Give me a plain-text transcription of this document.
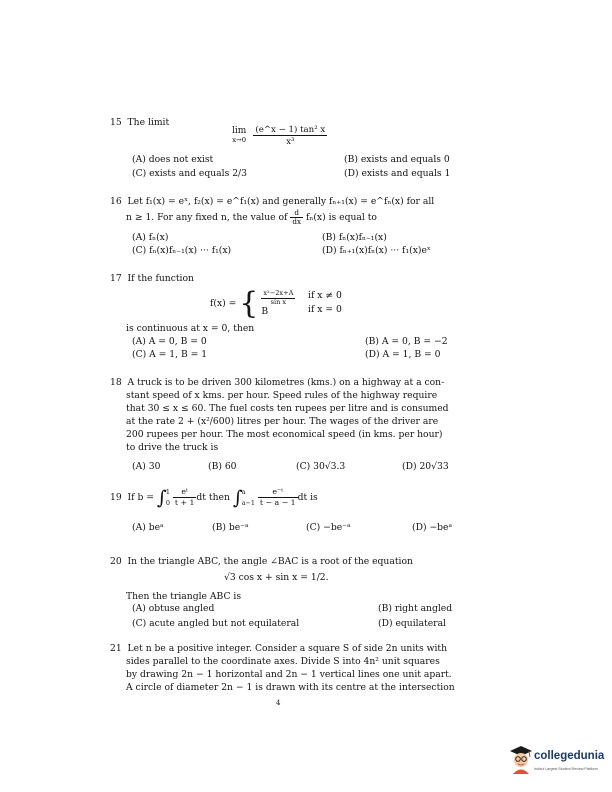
15 The limit
lim
$x\to 0 \frac{\text{(e\textasciicircum{}x − 1) tan² x}}{\text{x³}}$
(A) does not exist	(B) exists and equals 0
(C) exists and equals 2/3	(D) exists and equals 1
16 Let f₁(x) = eˣ, f₂(x) = e^f₁(x) and generally fₙ₊₁(x) = e^fₙ(x) for all
n ≥ 1. For any fixed n, the value of $\frac{d}{dx} f_n(x)$ is equal to
(A) fₙ(x)	(B) fₙ(x)fₙ₋₁(x)
(C) fₙ(x)fₙ₋₁(x) ··· f₁(x)	(D) fₙ₊₁(x)fₙ(x) ··· f₁(x)eˣ
17 If the function
f(x) = { $\frac{\text{x²−2x+A}}{\text{sin x}}$

B
if x ≠ 0
if x = 0
is continuous at x = 0, then
(A) A = 0, B = 0	(B) A = 0, B = −2
(C) A = 1, B = 1	(D) A = 1, B = 0
18 A truck is to be driven 300 kilometres (kms.) on a highway at a con-
stant speed of x kms. per hour. Speed rules of the highway require
that 30 ≤ x ≤ 60. The fuel costs ten rupees per litre and is consumed
at the rate 2 + (x²/600) litres per hour. The wages of the driver are
200 rupees per hour. The most economical speed (in kms. per hour)
to drive the truck is
(A) 30	(B) 60	(C) 30√3.3	(D) 20√33
19 If b = ∫1
$0 \frac{\text{eᵗ}}{t + 1}$ dt then ∫a
$a-1 \frac{\text{e⁻ᵗ}}{t - a - 1}$ dt is
(A) beᵃ	(B) be⁻ᵃ	(C) −be⁻ᵃ	(D) −beᵃ
20 In the triangle ABC, the angle ∠BAC is a root of the equation
√3 cos x + sin x = 1/2.
Then the triangle ABC is
(A) obtuse angled	(B) right angled
(C) acute angled but not equilateral	(D) equilateral
21 Let n be a positive integer. Consider a square S of side 2n units with
sides parallel to the coordinate axes. Divide S into 4n² unit squares
by drawing 2n − 1 horizontal and 2n − 1 vertical lines one unit apart.
A circle of diameter 2n − 1 is drawn with its centre at the intersection
4
collegedunia
India's Largest Student Review Platform
